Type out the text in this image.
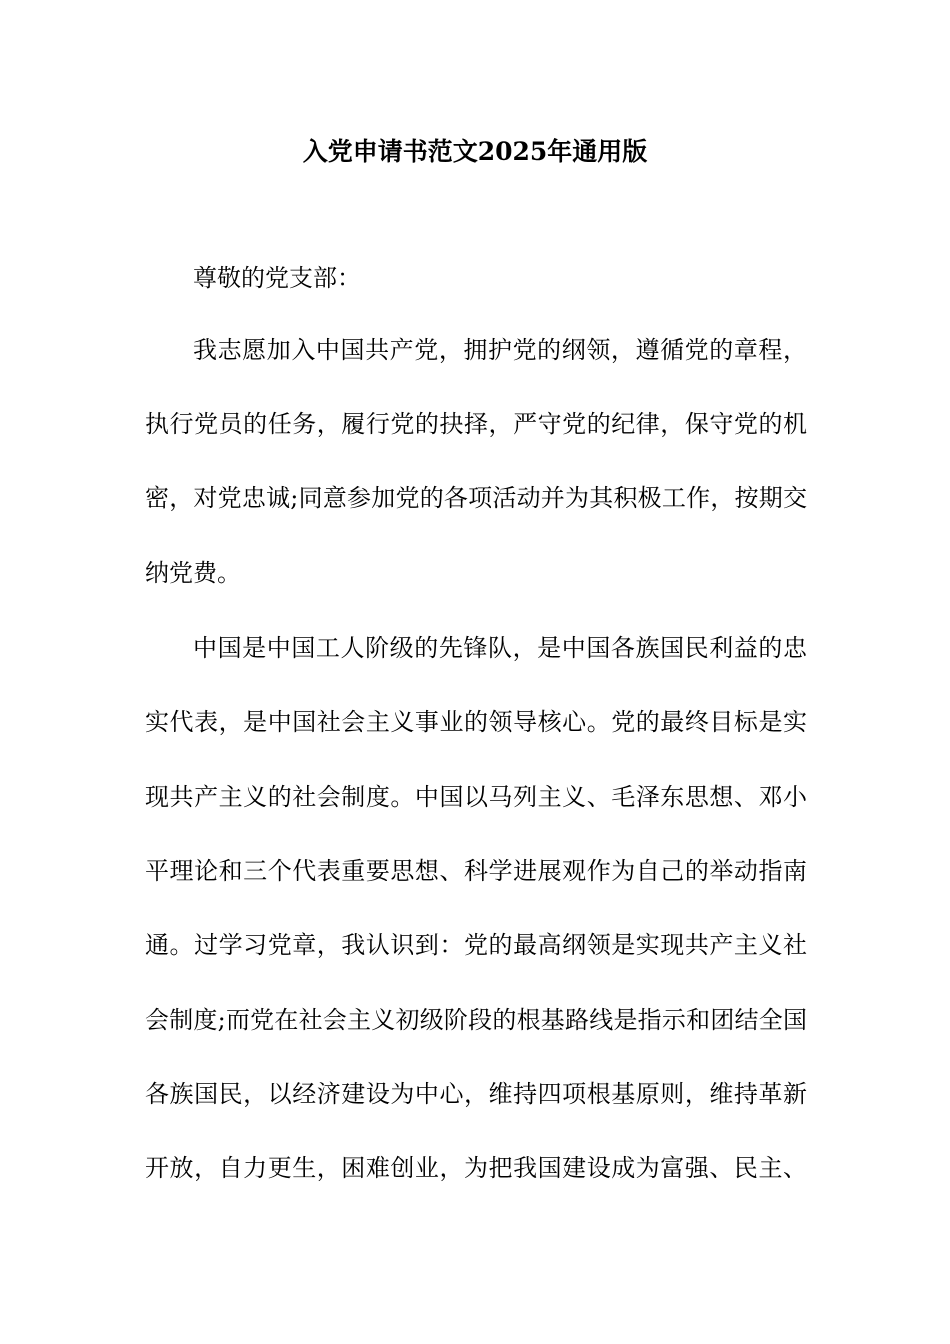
入党申请书范文2025年通用版

尊敬的党支部：

我志愿加入中国共产党，拥护党的纲领，遵循党的章程，

执行党员的任务，履行党的抉择，严守党的纪律，保守党的机

密，对党忠诚;同意参加党的各项活动并为其积极工作，按期交

纳党费。

中国是中国工人阶级的先锋队，是中国各族国民利益的忠

实代表，是中国社会主义事业的领导核心。党的最终目标是实

现共产主义的社会制度。中国以马列主义、毛泽东思想、邓小

平理论和三个代表重要思想、科学进展观作为自己的举动指南

通。过学习党章，我认识到：党的最高纲领是实现共产主义社

会制度;而党在社会主义初级阶段的根基路线是指示和团结全国

各族国民，以经济建设为中心，维持四项根基原则，维持革新

开放，自力更生，困难创业，为把我国建设成为富强、民主、
